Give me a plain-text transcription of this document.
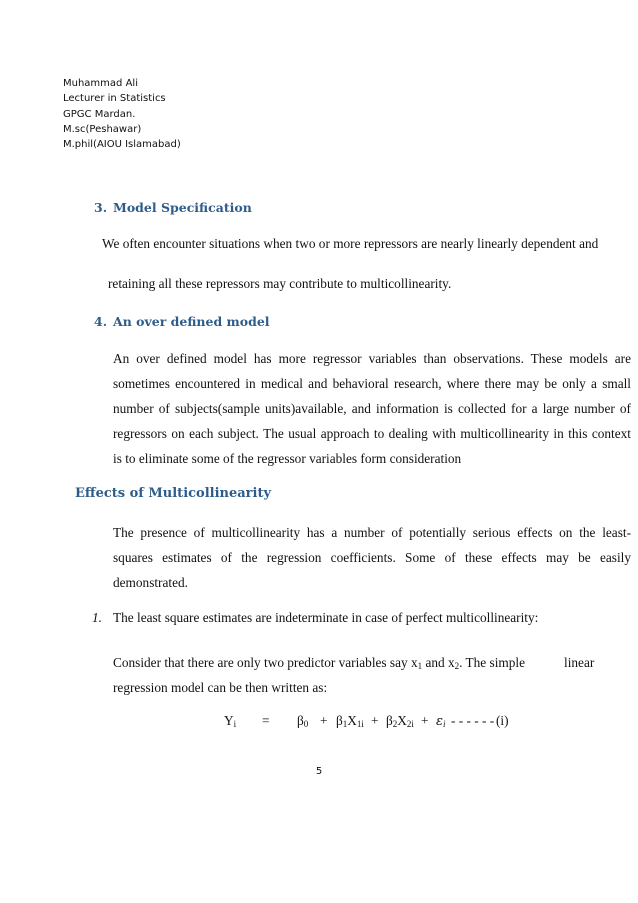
Muhammad Ali
Lecturer in Statistics
GPGC Mardan.
M.sc(Peshawar)
M.phil(AIOU Islamabad)
3. Model Specification
We often encounter situations when two or more repressors are nearly linearly dependent and
retaining all these repressors may contribute to multicollinearity.
4. An over defined model
An over defined model has more regressor variables than observations. These models are
sometimes encountered in medical and behavioral research, where there may be only a small
number of subjects(sample units)available, and information is collected for a large number of
regressors on each subject. The usual approach to dealing with multicollinearity in this context
is to eliminate some of the regressor variables form consideration
Effects of Multicollinearity
The presence of multicollinearity has a number of potentially serious effects on the least-
squares estimates of the regression coefficients. Some of these effects may be easily
demonstrated.
1. The least square estimates are indeterminate in case of perfect multicollinearity:
Consider that there are only two predictor variables say $x_1$ and $x_2$. The simple	linear
regression model can be then written as:
$Y_i = \beta_0 + \beta_1X_{1i} + \beta_2X_{2i} + \varepsilon_i$ - - - - - - (i)
5
